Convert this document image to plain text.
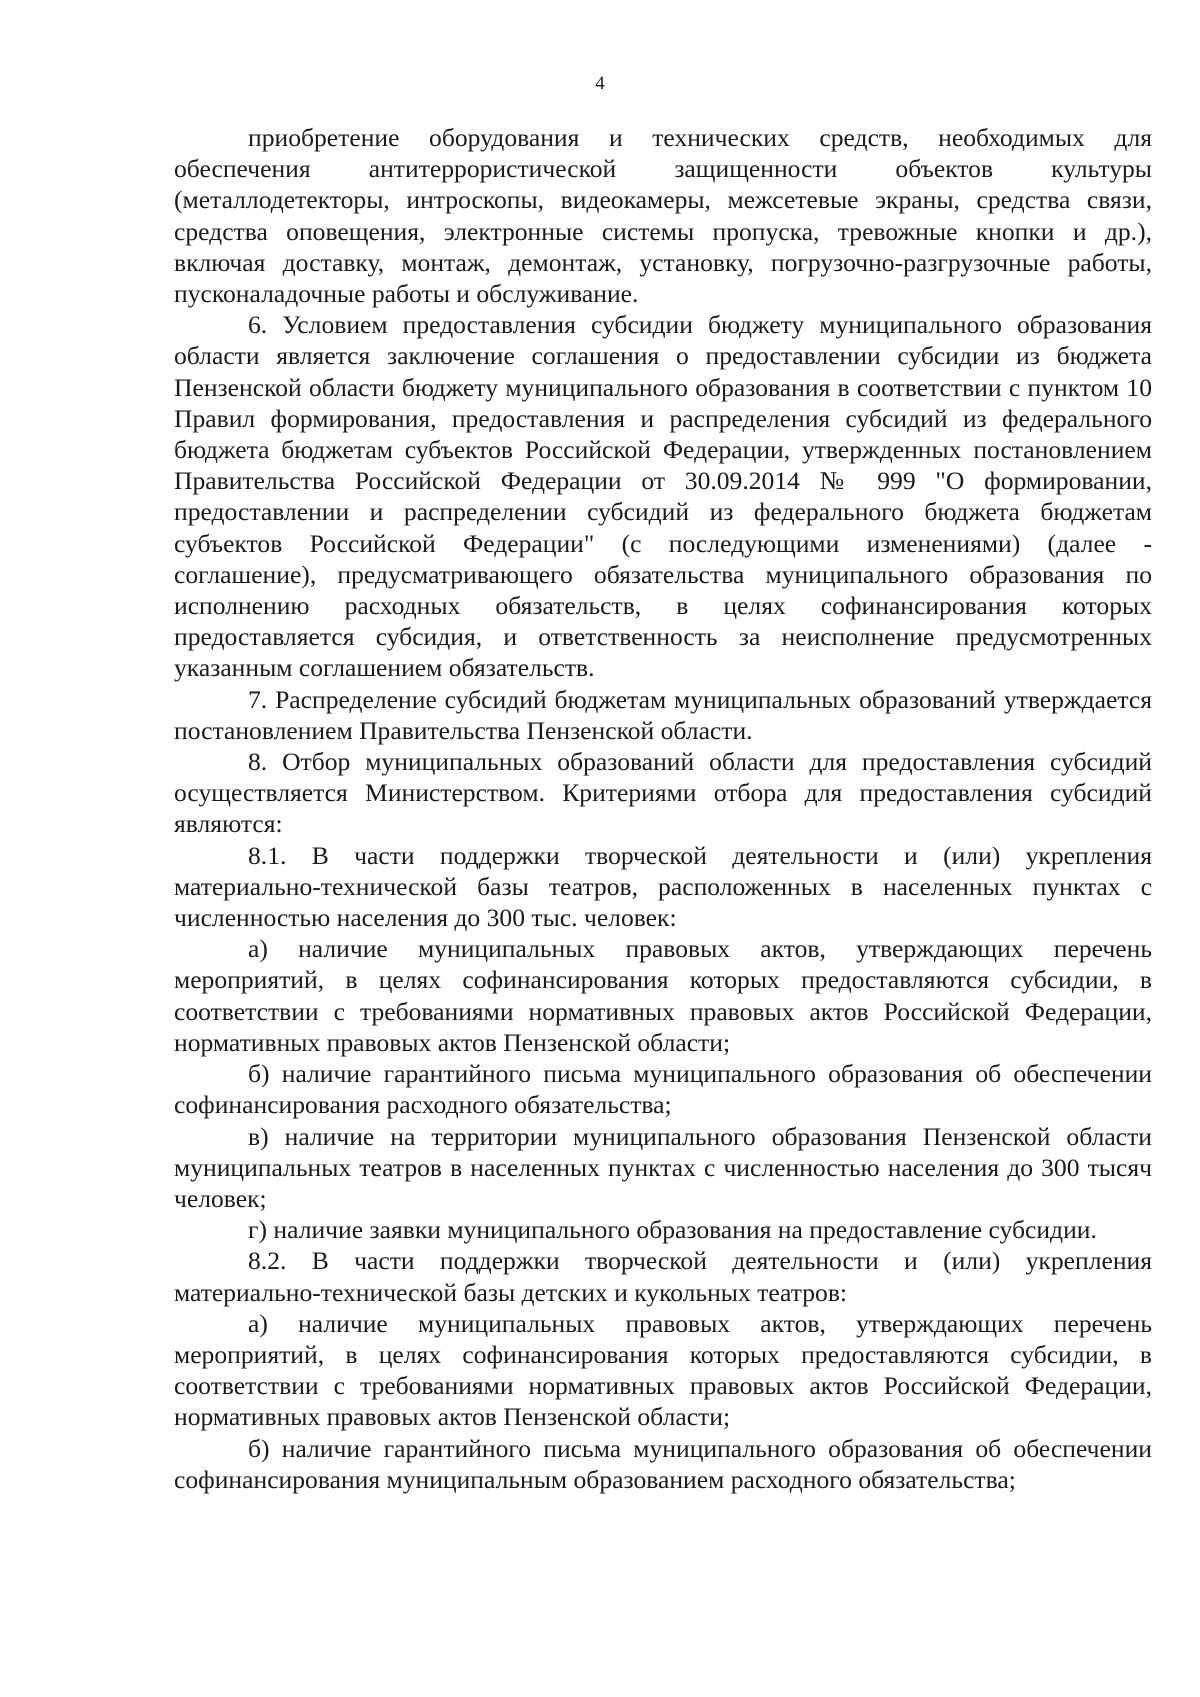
4

приобретение оборудования и технических средств, необходимых для обеспечения антитеррористической защищенности объектов культуры (металлодетекторы, интроскопы, видеокамеры, межсетевые экраны, средства связи, средства оповещения, электронные системы пропуска, тревожные кнопки и др.), включая доставку, монтаж, демонтаж, установку, погрузочно-разгрузочные работы, пусконаладочные работы и обслуживание.

6. Условием предоставления субсидии бюджету муниципального образования области является заключение соглашения о предоставлении субсидии из бюджета Пензенской области бюджету муниципального образования в соответствии с пунктом 10 Правил формирования, предоставления и распределения субсидий из федерального бюджета бюджетам субъектов Российской Федерации, утвержденных постановлением Правительства Российской Федерации от 30.09.2014 № 999 "О формировании, предоставлении и распределении субсидий из федерального бюджета бюджетам субъектов Российской Федерации" (с последующими изменениями) (далее - соглашение), предусматривающего обязательства муниципального образования по исполнению расходных обязательств, в целях софинансирования которых предоставляется субсидия, и ответственность за неисполнение предусмотренных указанным соглашением обязательств.

7. Распределение субсидий бюджетам муниципальных образований утверждается постановлением Правительства Пензенской области.

8. Отбор муниципальных образований области для предоставления субсидий осуществляется Министерством. Критериями отбора для предоставления субсидий являются:

8.1. В части поддержки творческой деятельности и (или) укрепления материально-технической базы театров, расположенных в населенных пунктах с численностью населения до 300 тыс. человек:

а) наличие муниципальных правовых актов, утверждающих перечень мероприятий, в целях софинансирования которых предоставляются субсидии, в соответствии с требованиями нормативных правовых актов Российской Федерации, нормативных правовых актов Пензенской области;

б) наличие гарантийного письма муниципального образования об обеспечении софинансирования расходного обязательства;

в) наличие на территории муниципального образования Пензенской области муниципальных театров в населенных пунктах с численностью населения до 300 тысяч человек;

г) наличие заявки муниципального образования на предоставление субсидии.

8.2. В части поддержки творческой деятельности и (или) укрепления материально-технической базы детских и кукольных театров:

а) наличие муниципальных правовых актов, утверждающих перечень мероприятий, в целях софинансирования которых предоставляются субсидии, в соответствии с требованиями нормативных правовых актов Российской Федерации, нормативных правовых актов Пензенской области;

б) наличие гарантийного письма муниципального образования об обеспечении софинансирования муниципальным образованием расходного обязательства;
